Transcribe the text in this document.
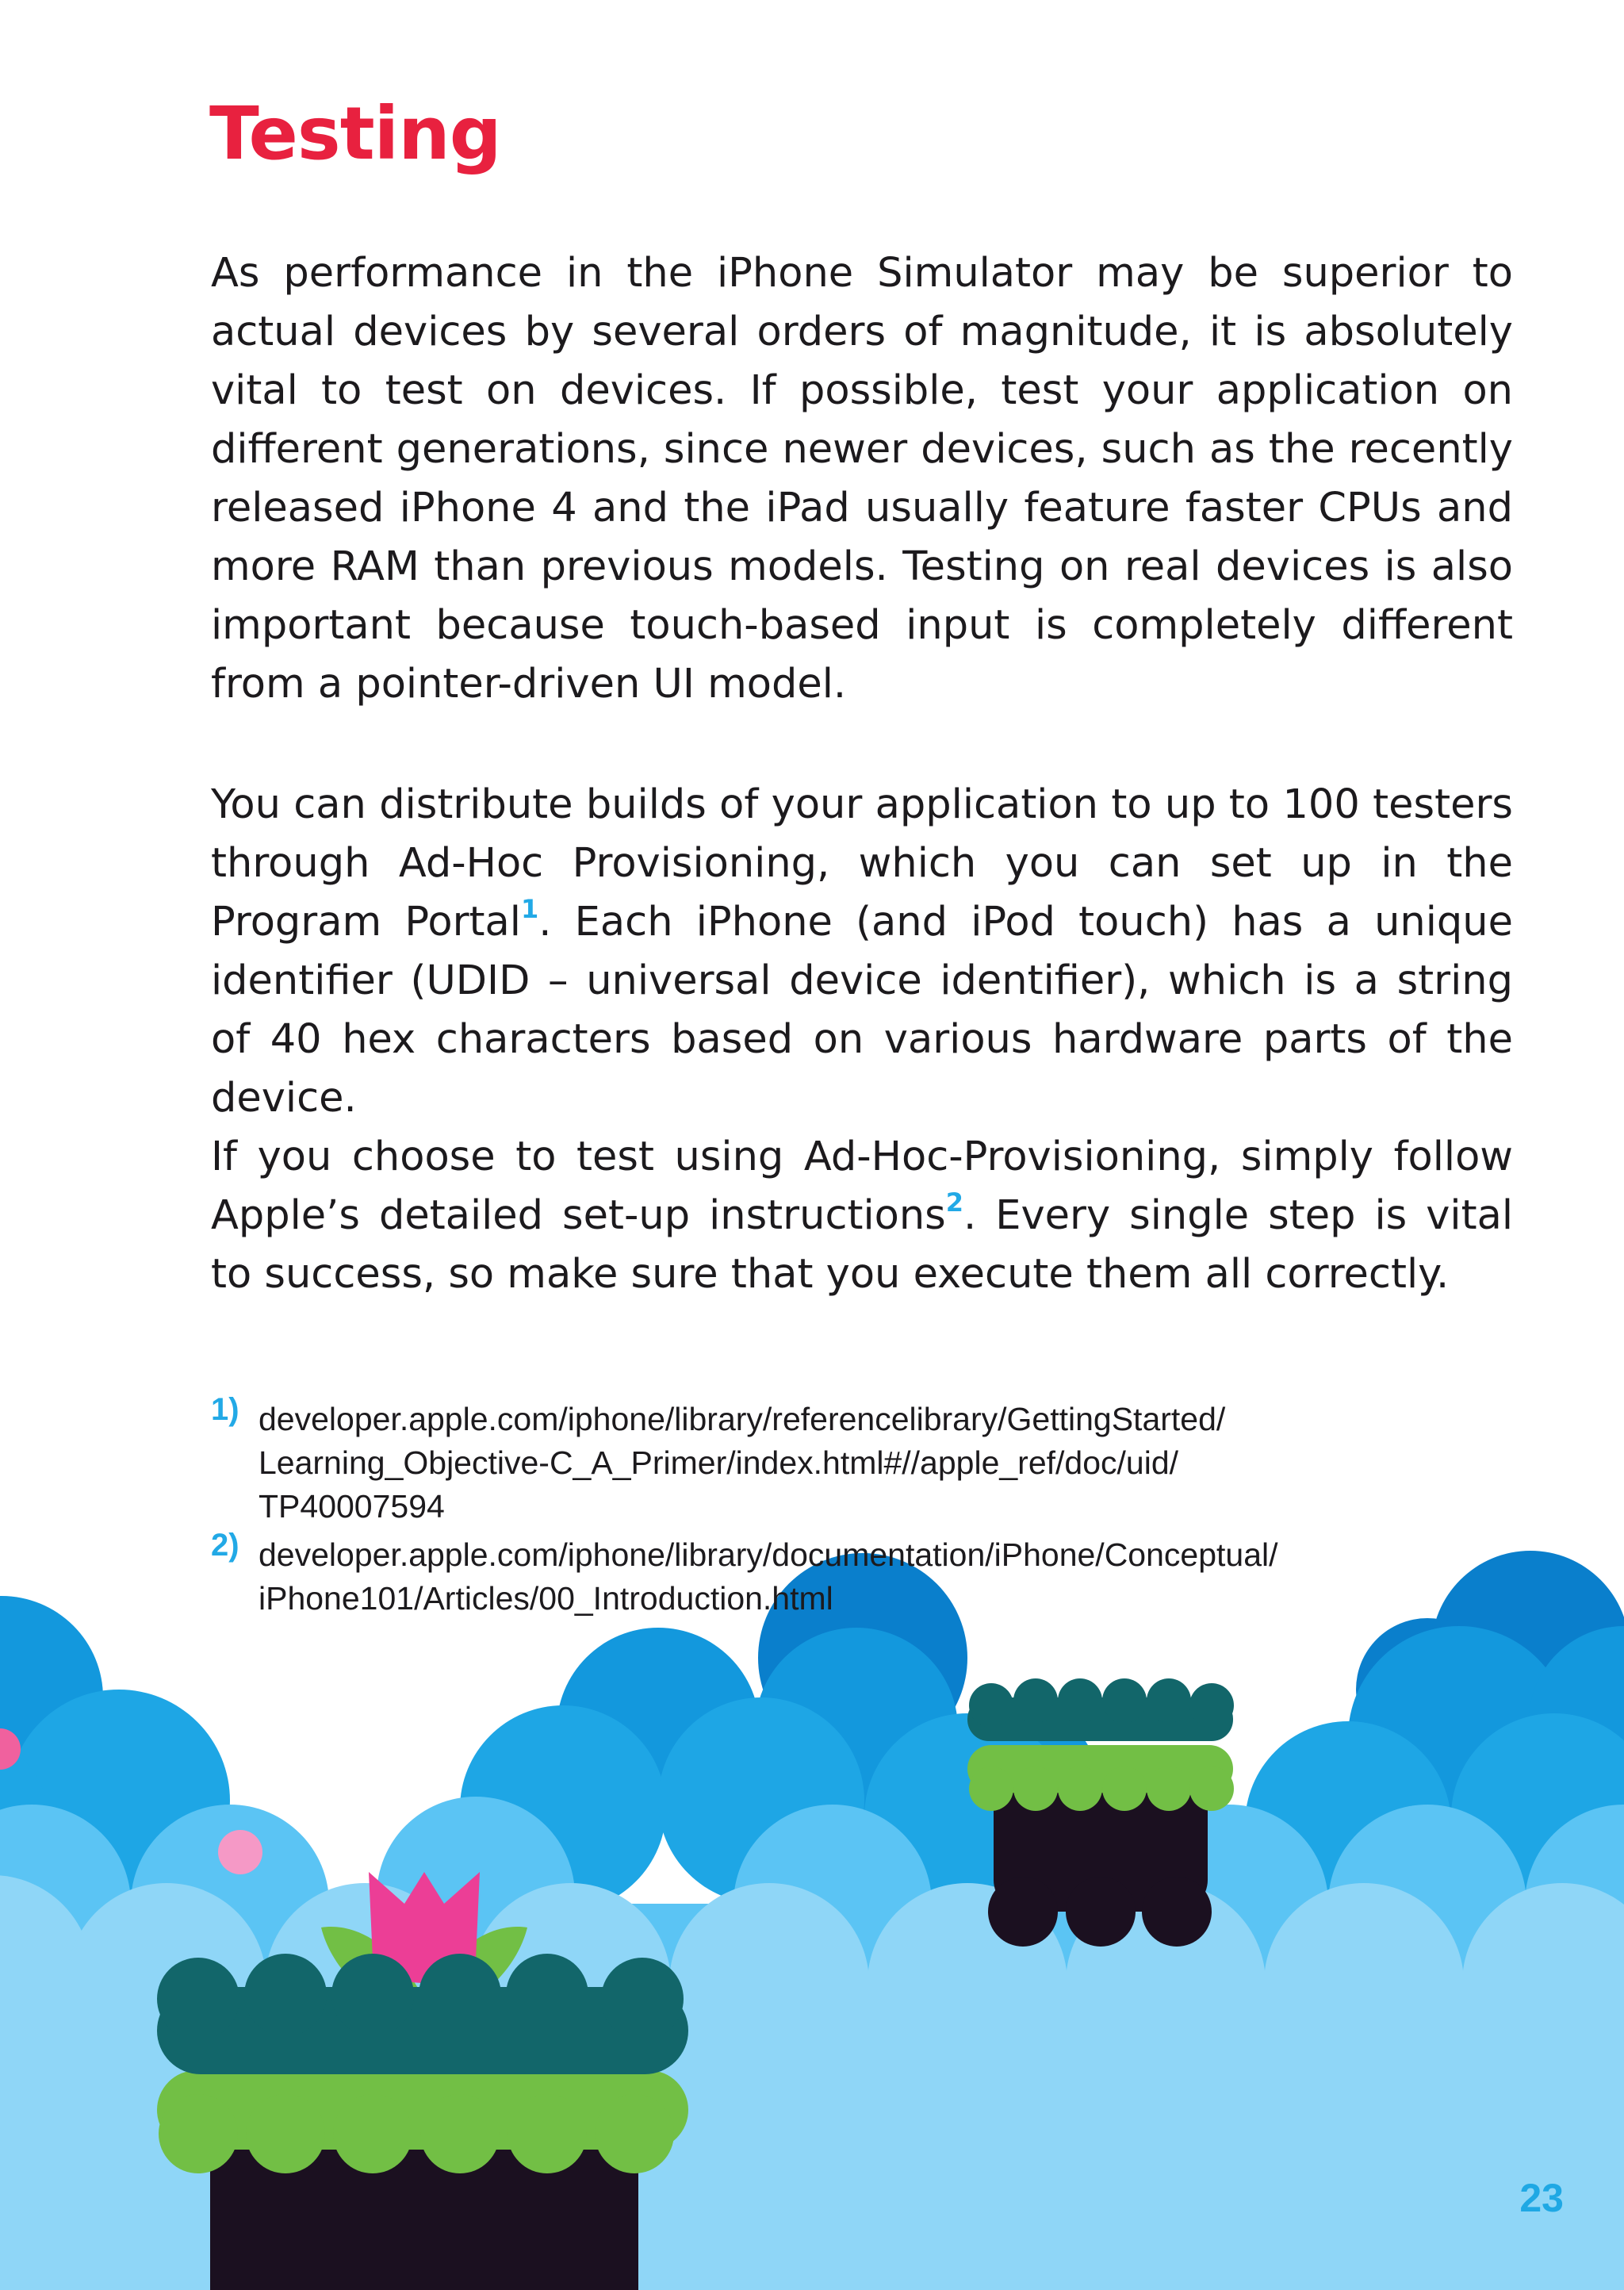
Testing

As performance in the iPhone Simulator may be superior to actual devices by several orders of magnitude, it is absolutely vital to test on devices. If possible, test your application on different generations, since newer devices, such as the recently released iPhone 4 and the iPad usually feature faster CPUs and more RAM than previous models. Testing on real devices is also important because touch-based input is completely different from a pointer-driven UI model.

You can distribute builds of your application to up to 100 testers through Ad-Hoc Provisioning, which you can set up in the Program Portal$^1$. Each iPhone (and iPod touch) has a unique identifier (UDID – universal device identifier), which is a string of 40 hex characters based on various hardware parts of the device.

If you choose to test using Ad-Hoc-Provisioning, simply follow Apple’s detailed set-up instructions$^2$. Every single step is vital to success, so make sure that you execute them all correctly.

1) developer.apple.com/iphone/library/referencelibrary/GettingStarted/
Learning_Objective-C_A_Primer/index.html#//apple_ref/doc/uid/
TP40007594
2) developer.apple.com/iphone/library/documentation/iPhone/Conceptual/
iPhone101/Articles/00_Introduction.html
23
